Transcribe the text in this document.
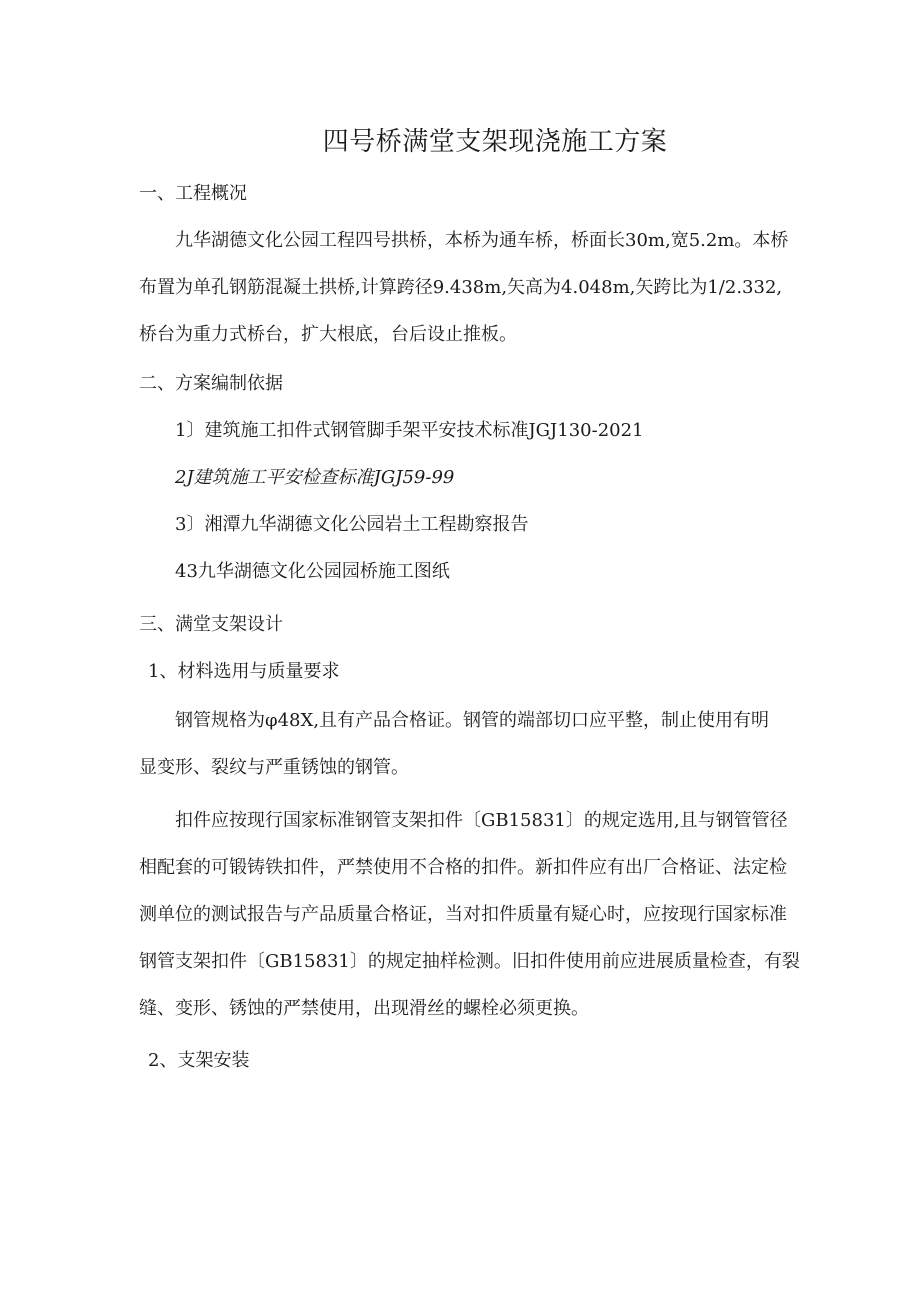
四号桥满堂支架现浇施工方案
一、工程概况
九华湖德文化公园工程四号拱桥，本桥为通车桥，桥面长30m,宽5.2m。本桥
布置为单孔钢筋混凝土拱桥,计算跨径9.438m,矢高为4.048m,矢跨比为1/2.332,
桥台为重力式桥台，扩大根底，台后设止推板。
二、方案编制依据
1〕建筑施工扣件式钢管脚手架平安技术标准JGJ130-2021
2J建筑施工平安检查标准JGJ59-99
3〕湘潭九华湖德文化公园岩土工程勘察报告
43九华湖德文化公园园桥施工图纸
三、满堂支架设计
1、材料选用与质量要求
钢管规格为φ48X,且有产品合格证。钢管的端部切口应平整，制止使用有明
显变形、裂纹与严重锈蚀的钢管。
扣件应按现行国家标准钢管支架扣件〔GB15831〕的规定选用,且与钢管管径
相配套的可锻铸铁扣件，严禁使用不合格的扣件。新扣件应有出厂合格证、法定检
测单位的测试报告与产品质量合格证，当对扣件质量有疑心时，应按现行国家标准
钢管支架扣件〔GB15831〕的规定抽样检测。旧扣件使用前应进展质量检查，有裂
缝、变形、锈蚀的严禁使用，出现滑丝的螺栓必须更换。
2、支架安装
